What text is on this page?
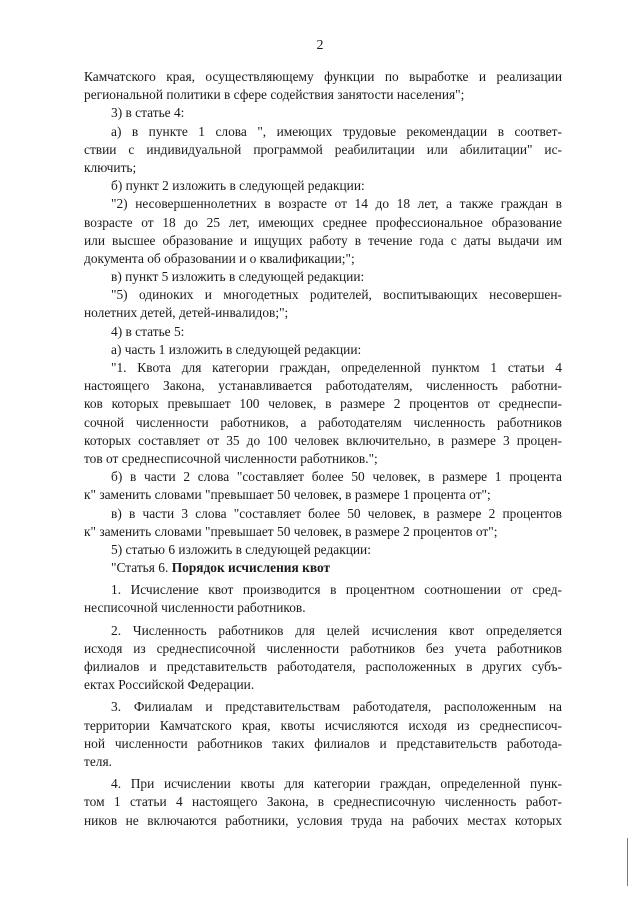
2
Камчатского края, осуществляющему функции по выработке и реализации
региональной политики в сфере содействия занятости населения";
3) в статье 4:
а) в пункте 1 слова ", имеющих трудовые рекомендации в соответ-
ствии с индивидуальной программой реабилитации или абилитации" ис-
ключить;
б) пункт 2 изложить в следующей редакции:
"2) несовершеннолетних в возрасте от 14 до 18 лет, а также граждан в
возрасте от 18 до 25 лет, имеющих среднее профессиональное образование
или высшее образование и ищущих работу в течение года с даты выдачи им
документа об образовании и о квалификации;";
в) пункт 5 изложить в следующей редакции:
"5) одиноких и многодетных родителей, воспитывающих несовершен-
нолетних детей, детей-инвалидов;";
4) в статье 5:
а) часть 1 изложить в следующей редакции:
"1. Квота для категории граждан, определенной пунктом 1 статьи 4
настоящего Закона, устанавливается работодателям, численность работни-
ков которых превышает 100 человек, в размере 2 процентов от среднеспи-
сочной численности работников, а работодателям численность работников
которых составляет от 35 до 100 человек включительно, в размере 3 процен-
тов от среднесписочной численности работников.";
б) в части 2 слова "составляет более 50 человек, в размере 1 процента
к" заменить словами "превышает 50 человек, в размере 1 процента от";
в) в части 3 слова "составляет более 50 человек, в размере 2 процентов
к" заменить словами "превышает 50 человек, в размере 2 процентов от";
5) статью 6 изложить в следующей редакции:
"Статья 6. Порядок исчисления квот
1. Исчисление квот производится в процентном соотношении от сред-
несписочной численности работников.
2. Численность работников для целей исчисления квот определяется
исходя из среднесписочной численности работников без учета работников
филиалов и представительств работодателя, расположенных в других субъ-
ектах Российской Федерации.
3. Филиалам и представительствам работодателя, расположенным на
территории Камчатского края, квоты исчисляются исходя из среднесписоч-
ной численности работников таких филиалов и представительств работода-
теля.
4. При исчислении квоты для категории граждан, определенной пунк-
том 1 статьи 4 настоящего Закона, в среднесписочную численность работ-
ников не включаются работники, условия труда на рабочих местах которых
